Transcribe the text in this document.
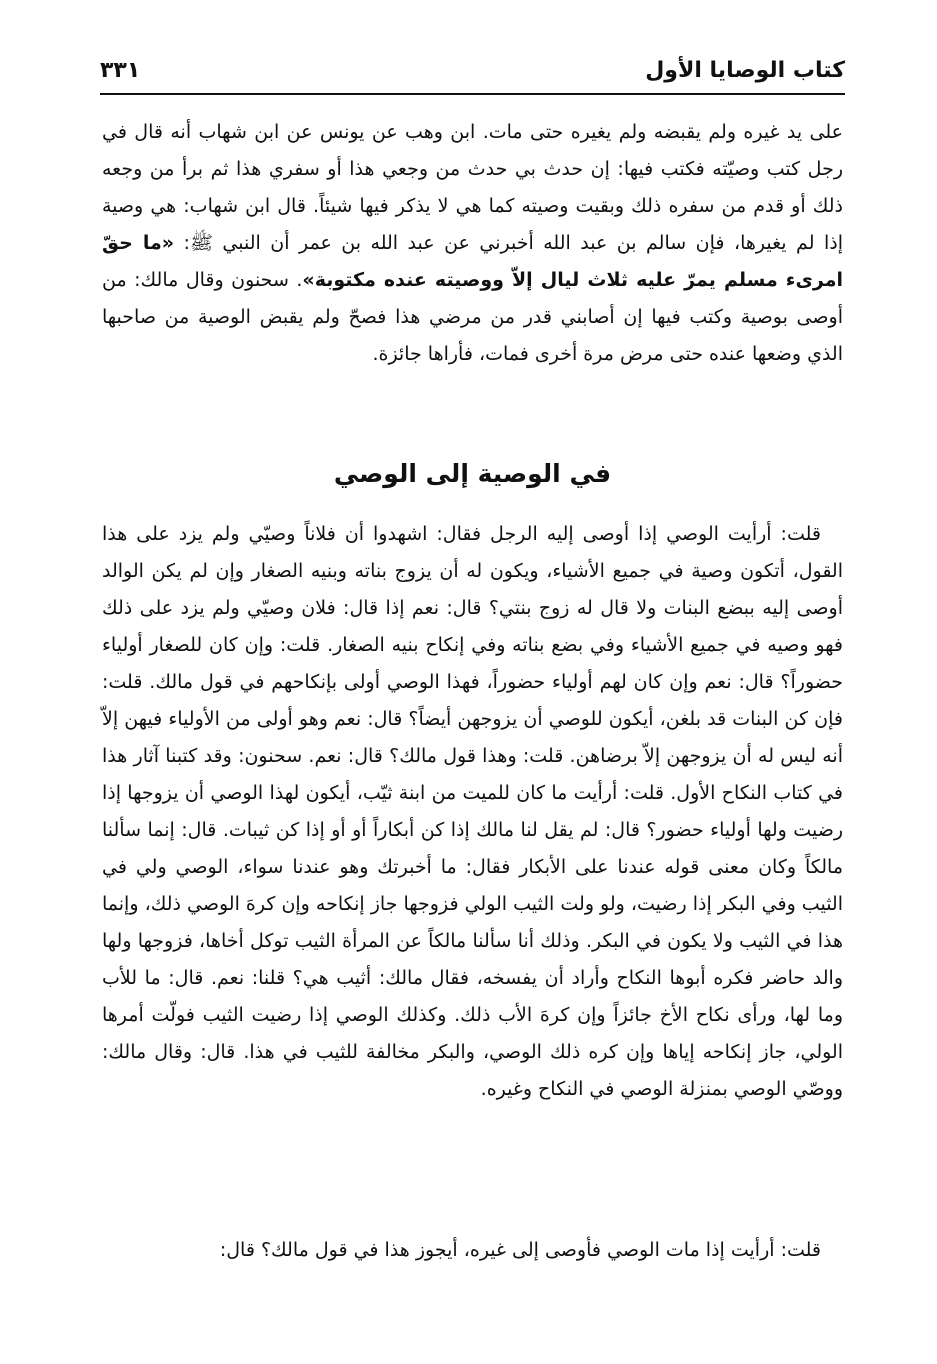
كتاب الوصايا الأول
٣٣١

على يد غيره ولم يقبضه ولم يغيره حتى مات. ابن وهب عن يونس عن ابن شهاب أنه قال في رجل كتب وصيّته فكتب فيها: إن حدث بي حدث من وجعي هذا أو سفري هذا ثم برأ من وجعه ذلك أو قدم من سفره ذلك وبقيت وصيته كما هي لا يذكر فيها شيئاً. قال ابن شهاب: هي وصية إذا لم يغيرها، فإن سالم بن عبد الله أخبرني عن عبد الله بن عمر أن النبي ﷺ: «ما حقّ امرىء مسلم يمرّ عليه ثلاث ليال إلاّ ووصيته عنده مكتوبة». سحنون وقال مالك: من أوصى بوصية وكتب فيها إن أصابني قدر من مرضي هذا فصحّ ولم يقبض الوصية من صاحبها الذي وضعها عنده حتى مرض مرة أخرى فمات، فأراها جائزة.

في الوصية إلى الوصي

قلت: أرأيت الوصي إذا أوصى إليه الرجل فقال: اشهدوا أن فلاناً وصيّي ولم يزد على هذا القول، أتكون وصية في جميع الأشياء، ويكون له أن يزوج بناته وبنيه الصغار وإن لم يكن الوالد أوصى إليه ببضع البنات ولا قال له زوج بنتي؟ قال: نعم إذا قال: فلان وصيّي ولم يزد على ذلك فهو وصيه في جميع الأشياء وفي بضع بناته وفي إنكاح بنيه الصغار. قلت: وإن كان للصغار أولياء حضوراً؟ قال: نعم وإن كان لهم أولياء حضوراً، فهذا الوصي أولى بإنكاحهم في قول مالك. قلت: فإن كن البنات قد بلغن، أيكون للوصي أن يزوجهن أيضاً؟ قال: نعم وهو أولى من الأولياء فيهن إلاّ أنه ليس له أن يزوجهن إلاّ برضاهن. قلت: وهذا قول مالك؟ قال: نعم. سحنون: وقد كتبنا آثار هذا في كتاب النكاح الأول. قلت: أرأيت ما كان للميت من ابنة ثيّب، أيكون لهذا الوصي أن يزوجها إذا رضيت ولها أولياء حضور؟ قال: لم يقل لنا مالك إذا كن أبكاراً أو أو إذا كن ثيبات. قال: إنما سألنا مالكاً وكان معنى قوله عندنا على الأبكار فقال: ما أخبرتك وهو عندنا سواء، الوصي ولي في الثيب وفي البكر إذا رضيت، ولو ولت الثيب الولي فزوجها جاز إنكاحه وإن كرهَ الوصي ذلك، وإنما هذا في الثيب ولا يكون في البكر. وذلك أنا سألنا مالكاً عن المرأة الثيب توكل أخاها، فزوجها ولها والد حاضر فكره أبوها النكاح وأراد أن يفسخه، فقال مالك: أثيب هي؟ قلنا: نعم. قال: ما للأب وما لها، ورأى نكاح الأخ جائزاً وإن كرهَ الأب ذلك. وكذلك الوصي إذا رضيت الثيب فولّت أمرها الولي، جاز إنكاحه إياها وإن كره ذلك الوصي، والبكر مخالفة للثيب في هذا. قال: وقال مالك: ووصّي الوصي بمنزلة الوصي في النكاح وغيره.

قلت: أرأيت إذا مات الوصي فأوصى إلى غيره، أيجوز هذا في قول مالك؟ قال:
